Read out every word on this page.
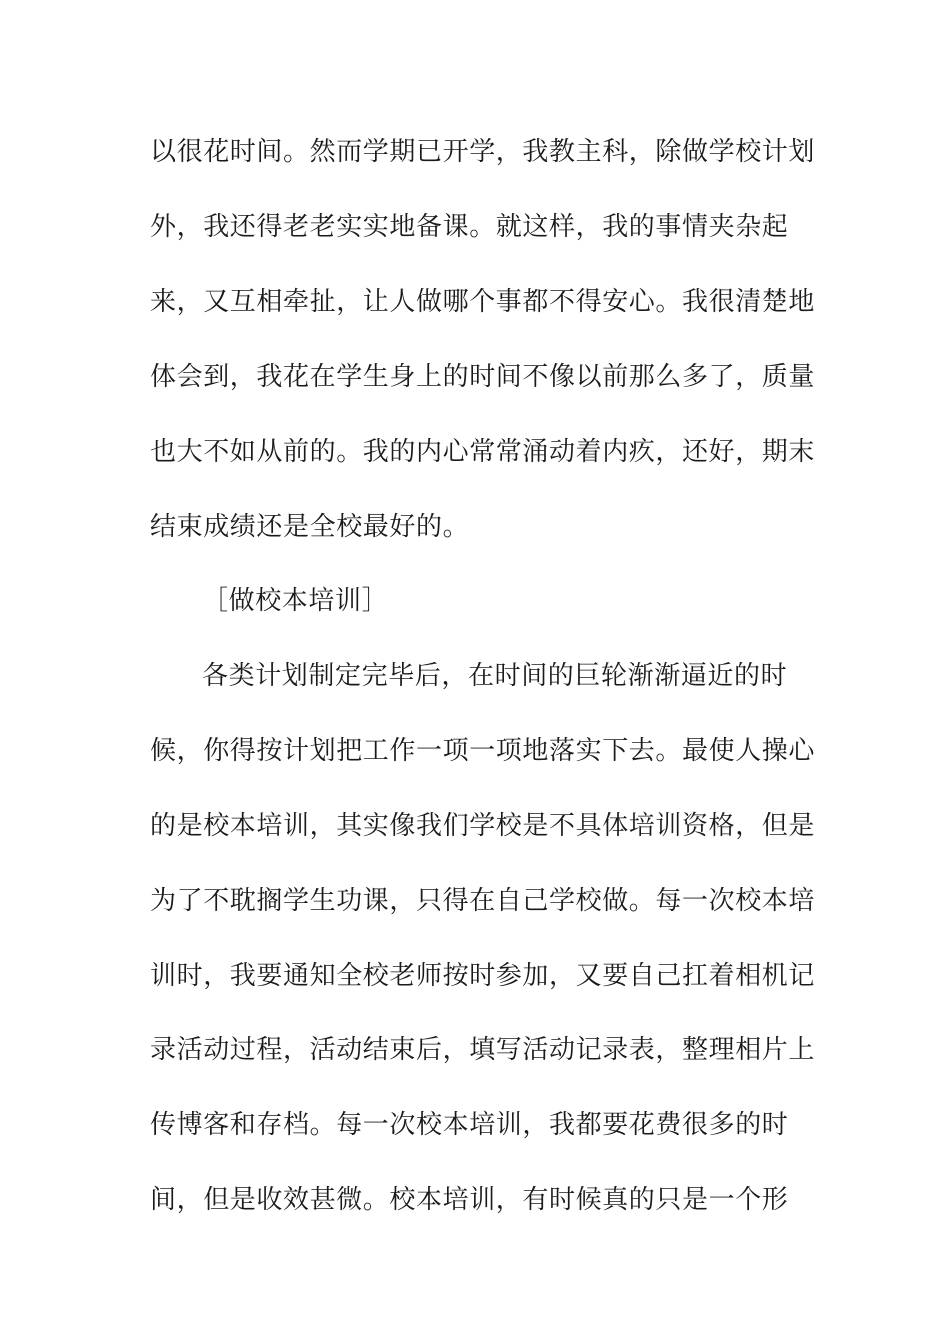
以很花时间。然而学期已开学，我教主科，除做学校计划
外，我还得老老实实地备课。就这样，我的事情夹杂起
来，又互相牵扯，让人做哪个事都不得安心。我很清楚地
体会到，我花在学生身上的时间不像以前那么多了，质量
也大不如从前的。我的内心常常涌动着内疚，还好，期末
结束成绩还是全校最好的。
［做校本培训］
各类计划制定完毕后，在时间的巨轮渐渐逼近的时
候，你得按计划把工作一项一项地落实下去。最使人操心
的是校本培训，其实像我们学校是不具体培训资格，但是
为了不耽搁学生功课，只得在自己学校做。每一次校本培
训时，我要通知全校老师按时参加，又要自己扛着相机记
录活动过程，活动结束后，填写活动记录表，整理相片上
传博客和存档。每一次校本培训，我都要花费很多的时
间，但是收效甚微。校本培训，有时候真的只是一个形
